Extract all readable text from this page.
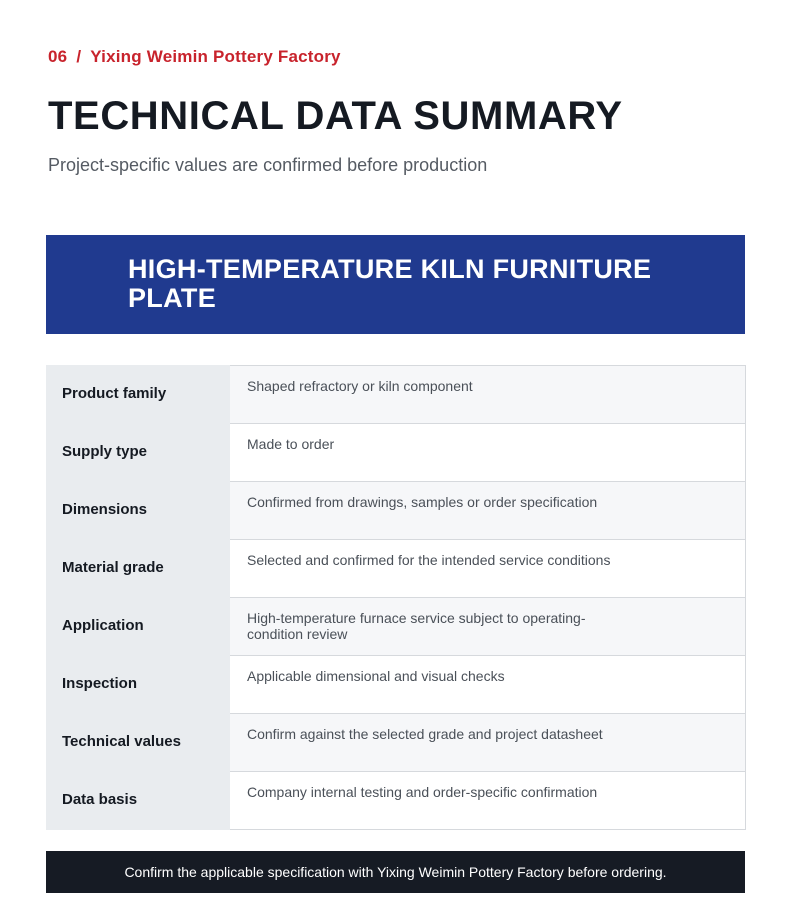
06 / Yixing Weimin Pottery Factory
TECHNICAL DATA SUMMARY

Project-specific values are confirmed before production

HIGH-TEMPERATURE KILN FURNITURE PLATE
Product family	Shaped refractory or kiln component

Supply type	Made to order

Dimensions	Confirmed from drawings, samples or order specification

Material grade	Selected and confirmed for the intended service conditions

Application	High-temperature furnace service subject to operating-condition review

Inspection	Applicable dimensional and visual checks

Technical values	Confirm against the selected grade and project datasheet

Data basis	Company internal testing and order-specific confirmation
Confirm the applicable specification with Yixing Weimin Pottery Factory before ordering.
